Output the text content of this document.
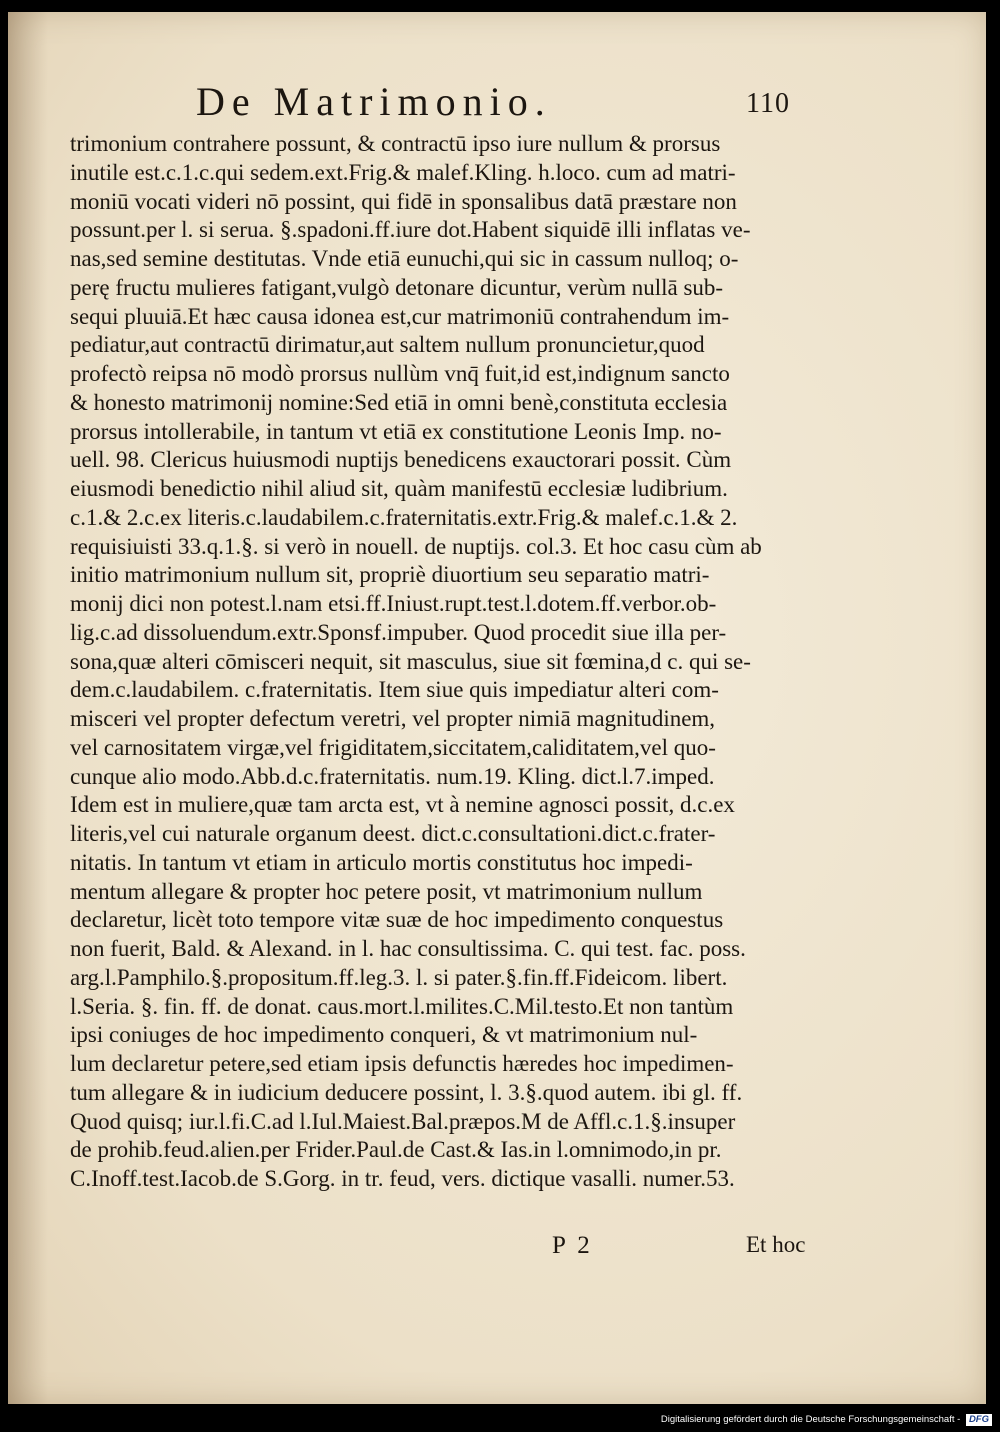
De Matrimonio.	110
trimonium contrahere possunt, & contractū ipso iure nullum & prorsus
inutile est.c.1.c.qui sedem.ext.Frig.& malef.Kling. h.loco. cum ad matri-
moniū vocati videri nō possint, qui fidē in sponsalibus datā præstare non
possunt.per l. si serua. §.spadoni.ff.iure dot.Habent siquidē illi inflatas ve-
nas,sed semine destitutas. Vnde etiā eunuchi,qui sic in cassum nulloq; o-
perę fructu mulieres fatigant,vulgò detonare dicuntur, verùm nullā sub-
sequi pluuiā.Et hæc causa idonea est,cur matrimoniū contrahendum im-
pediatur,aut contractū dirimatur,aut saltem nullum pronuncietur,quod
profectò reipsa nō modò prorsus nullùm vnq̄ fuit,id est,indignum sancto
& honesto matrimonij nomine:Sed etiā in omni benè,constituta ecclesia
prorsus intollerabile, in tantum vt etiā ex constitutione Leonis Imp. no-
uell. 98. Clericus huiusmodi nuptijs benedicens exauctorari possit. Cùm
eiusmodi benedictio nihil aliud sit, quàm manifestū ecclesiæ ludibrium.
c.1.& 2.c.ex literis.c.laudabilem.c.fraternitatis.extr.Frig.& malef.c.1.& 2.
requisiuisti 33.q.1.§. si verò in nouell. de nuptijs. col.3. Et hoc casu cùm ab
initio matrimonium nullum sit, propriè diuortium seu separatio matri-
monij dici non potest.l.nam etsi.ff.Iniust.rupt.test.l.dotem.ff.verbor.ob-
lig.c.ad dissoluendum.extr.Sponsf.impuber. Quod procedit siue illa per-
sona,quæ alteri cōmisceri nequit, sit masculus, siue sit fœmina,d c. qui se-
dem.c.laudabilem. c.fraternitatis. Item siue quis impediatur alteri com-
misceri vel propter defectum veretri, vel propter nimiā magnitudinem,
vel carnositatem virgæ,vel frigiditatem,siccitatem,caliditatem,vel quo-
cunque alio modo.Abb.d.c.fraternitatis. num.19. Kling. dict.l.7.imped.
Idem est in muliere,quæ tam arcta est, vt à nemine agnosci possit, d.c.ex
literis,vel cui naturale organum deest. dict.c.consultationi.dict.c.frater-
nitatis. In tantum vt etiam in articulo mortis constitutus hoc impedi-
mentum allegare & propter hoc petere posit, vt matrimonium nullum
declaretur, licèt toto tempore vitæ suæ de hoc impedimento conquestus
non fuerit, Bald. & Alexand. in l. hac consultissima. C. qui test. fac. poss.
arg.l.Pamphilo.§.propositum.ff.leg.3. l. si pater.§.fin.ff.Fideicom. libert.
l.Seria. §. fin. ff. de donat. caus.mort.l.milites.C.Mil.testo.Et non tantùm
ipsi coniuges de hoc impedimento conqueri, & vt matrimonium nul-
lum declaretur petere,sed etiam ipsis defunctis hæredes hoc impedimen-
tum allegare & in iudicium deducere possint, l. 3.§.quod autem. ibi gl. ff.
Quod quisq; iur.l.fi.C.ad l.Iul.Maiest.Bal.præpos.M de Affl.c.1.§.insuper
de prohib.feud.alien.per Frider.Paul.de Cast.& Ias.in l.omnimodo,in pr.
C.Inoff.test.Iacob.de S.Gorg. in tr. feud, vers. dictique vasalli. numer.53.
P 2	Et hoc
Digitalisierung gefördert durch die Deutsche Forschungsgemeinschaft - DFG
